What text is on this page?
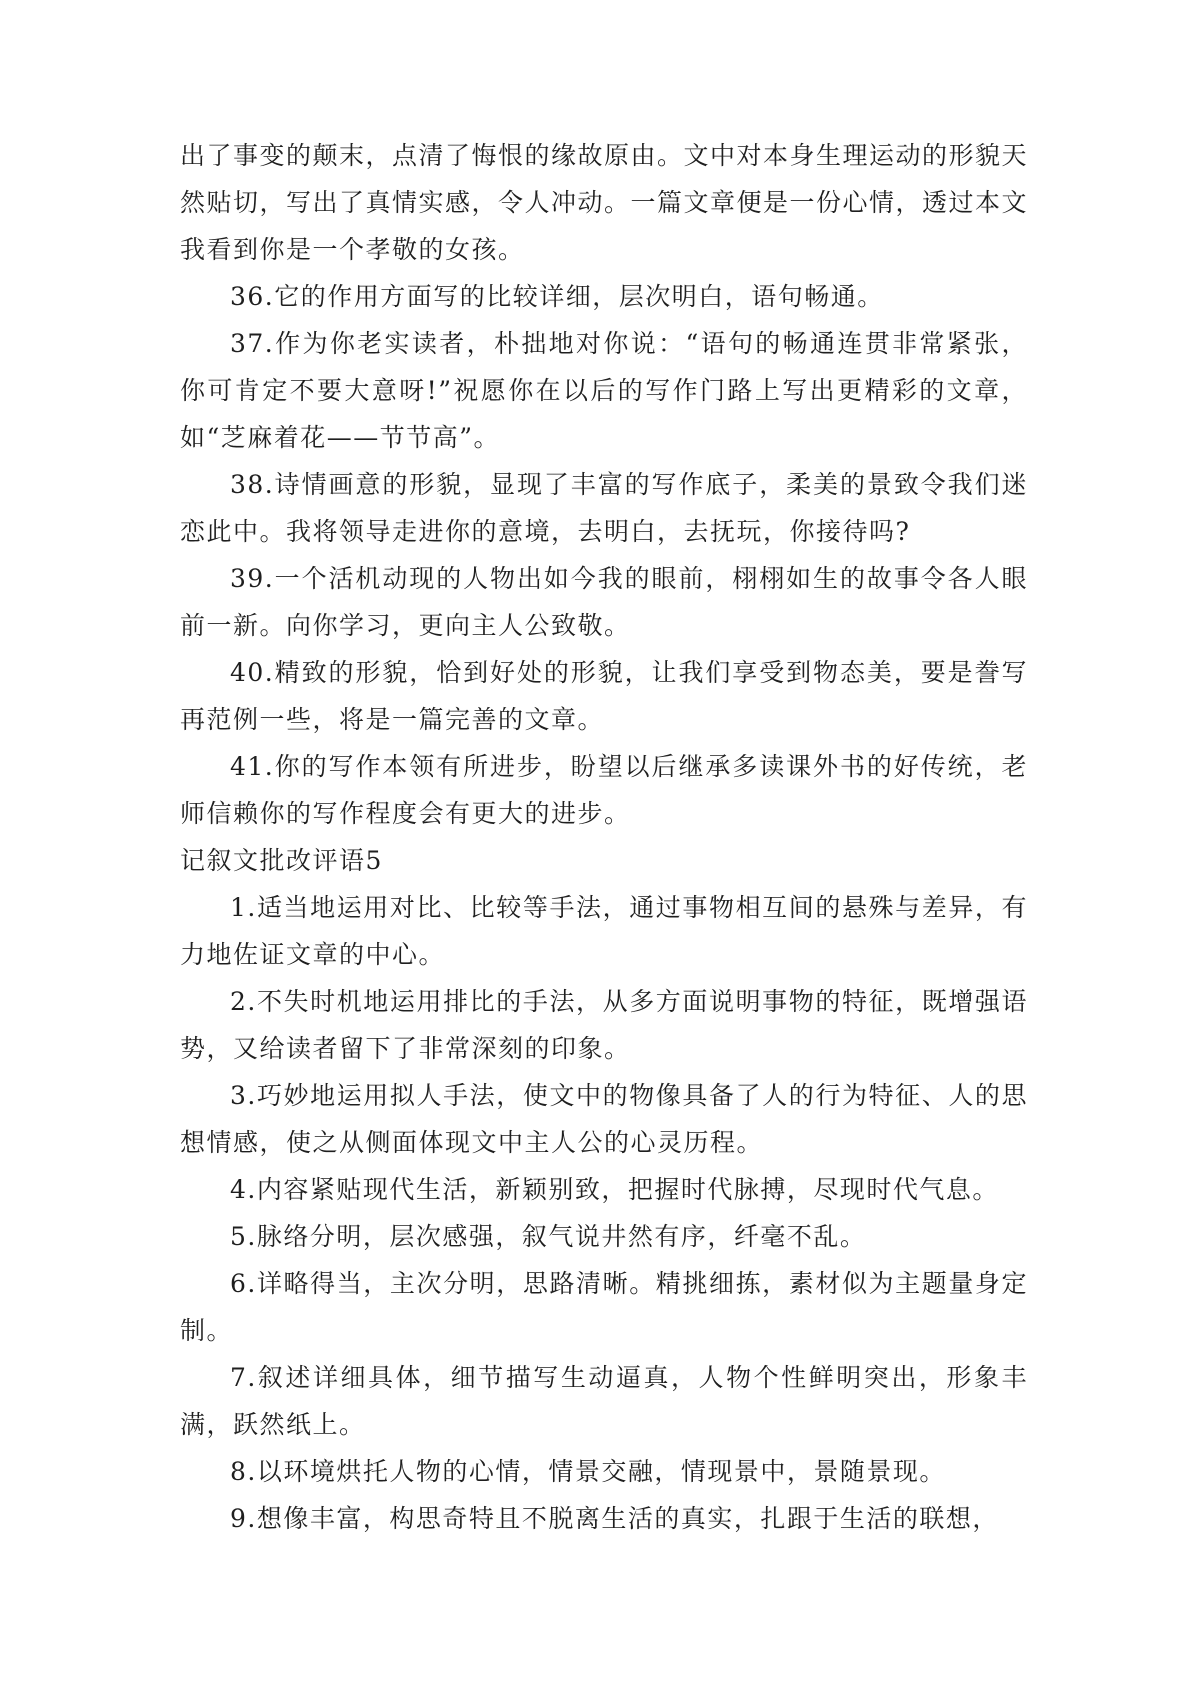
出了事变的颠末，点清了悔恨的缘故原由。文中对本身生理运动的形貌天然贴切，写出了真情实感，令人冲动。一篇文章便是一份心情，透过本文我看到你是一个孝敬的女孩。

36.它的作用方面写的比较详细，层次明白，语句畅通。

37.作为你老实读者，朴拙地对你说：“语句的畅通连贯非常紧张，你可肯定不要大意呀!”祝愿你在以后的写作门路上写出更精彩的文章，如“芝麻着花——节节高”。

38.诗情画意的形貌，显现了丰富的写作底子，柔美的景致令我们迷恋此中。我将领导走进你的意境，去明白，去抚玩，你接待吗?

39.一个活机动现的人物出如今我的眼前，栩栩如生的故事令各人眼前一新。向你学习，更向主人公致敬。

40.精致的形貌，恰到好处的形貌，让我们享受到物态美，要是誊写再范例一些，将是一篇完善的文章。

41.你的写作本领有所进步，盼望以后继承多读课外书的好传统，老师信赖你的写作程度会有更大的进步。

记叙文批改评语5

1.适当地运用对比、比较等手法，通过事物相互间的悬殊与差异，有力地佐证文章的中心。

2.不失时机地运用排比的手法，从多方面说明事物的特征，既增强语势，又给读者留下了非常深刻的印象。

3.巧妙地运用拟人手法，使文中的物像具备了人的行为特征、人的思想情感，使之从侧面体现文中主人公的心灵历程。

4.内容紧贴现代生活，新颖别致，把握时代脉搏，尽现时代气息。

5.脉络分明，层次感强，叙气说井然有序，纤毫不乱。

6.详略得当，主次分明，思路清晰。精挑细拣，素材似为主题量身定制。

7.叙述详细具体，细节描写生动逼真，人物个性鲜明突出，形象丰满，跃然纸上。

8.以环境烘托人物的心情，情景交融，情现景中，景随景现。

9.想像丰富，构思奇特且不脱离生活的真实，扎跟于生活的联想，
